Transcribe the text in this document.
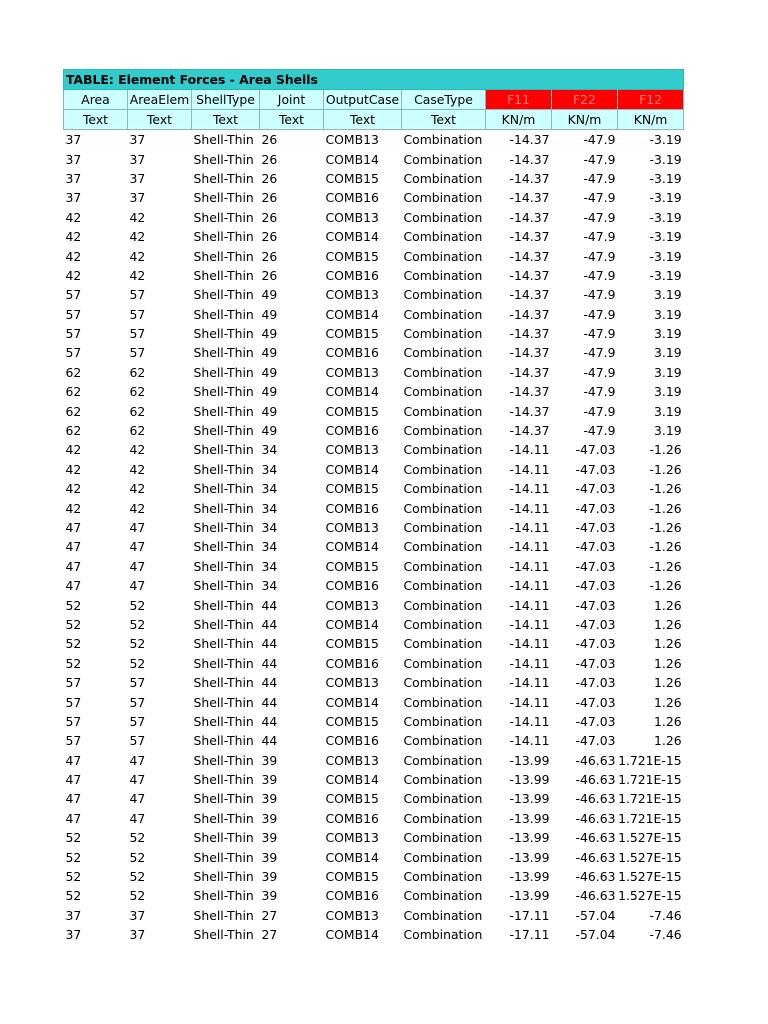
TABLE: Element Forces - Area Shells								
Area	AreaElem	ShellType	Joint	OutputCase	CaseType	F11	F22	F12
Text	Text	Text	Text	Text	Text	KN/m	KN/m	KN/m
37	37	Shell-Thin	26	COMB13	Combination	-14.37	-47.9	-3.19
37	37	Shell-Thin	26	COMB14	Combination	-14.37	-47.9	-3.19
37	37	Shell-Thin	26	COMB15	Combination	-14.37	-47.9	-3.19
37	37	Shell-Thin	26	COMB16	Combination	-14.37	-47.9	-3.19
42	42	Shell-Thin	26	COMB13	Combination	-14.37	-47.9	-3.19
42	42	Shell-Thin	26	COMB14	Combination	-14.37	-47.9	-3.19
42	42	Shell-Thin	26	COMB15	Combination	-14.37	-47.9	-3.19
42	42	Shell-Thin	26	COMB16	Combination	-14.37	-47.9	-3.19
57	57	Shell-Thin	49	COMB13	Combination	-14.37	-47.9	3.19
57	57	Shell-Thin	49	COMB14	Combination	-14.37	-47.9	3.19
57	57	Shell-Thin	49	COMB15	Combination	-14.37	-47.9	3.19
57	57	Shell-Thin	49	COMB16	Combination	-14.37	-47.9	3.19
62	62	Shell-Thin	49	COMB13	Combination	-14.37	-47.9	3.19
62	62	Shell-Thin	49	COMB14	Combination	-14.37	-47.9	3.19
62	62	Shell-Thin	49	COMB15	Combination	-14.37	-47.9	3.19
62	62	Shell-Thin	49	COMB16	Combination	-14.37	-47.9	3.19
42	42	Shell-Thin	34	COMB13	Combination	-14.11	-47.03	-1.26
42	42	Shell-Thin	34	COMB14	Combination	-14.11	-47.03	-1.26
42	42	Shell-Thin	34	COMB15	Combination	-14.11	-47.03	-1.26
42	42	Shell-Thin	34	COMB16	Combination	-14.11	-47.03	-1.26
47	47	Shell-Thin	34	COMB13	Combination	-14.11	-47.03	-1.26
47	47	Shell-Thin	34	COMB14	Combination	-14.11	-47.03	-1.26
47	47	Shell-Thin	34	COMB15	Combination	-14.11	-47.03	-1.26
47	47	Shell-Thin	34	COMB16	Combination	-14.11	-47.03	-1.26
52	52	Shell-Thin	44	COMB13	Combination	-14.11	-47.03	1.26
52	52	Shell-Thin	44	COMB14	Combination	-14.11	-47.03	1.26
52	52	Shell-Thin	44	COMB15	Combination	-14.11	-47.03	1.26
52	52	Shell-Thin	44	COMB16	Combination	-14.11	-47.03	1.26
57	57	Shell-Thin	44	COMB13	Combination	-14.11	-47.03	1.26
57	57	Shell-Thin	44	COMB14	Combination	-14.11	-47.03	1.26
57	57	Shell-Thin	44	COMB15	Combination	-14.11	-47.03	1.26
57	57	Shell-Thin	44	COMB16	Combination	-14.11	-47.03	1.26
47	47	Shell-Thin	39	COMB13	Combination	-13.99	-46.63	1.721E-15
47	47	Shell-Thin	39	COMB14	Combination	-13.99	-46.63	1.721E-15
47	47	Shell-Thin	39	COMB15	Combination	-13.99	-46.63	1.721E-15
47	47	Shell-Thin	39	COMB16	Combination	-13.99	-46.63	1.721E-15
52	52	Shell-Thin	39	COMB13	Combination	-13.99	-46.63	1.527E-15
52	52	Shell-Thin	39	COMB14	Combination	-13.99	-46.63	1.527E-15
52	52	Shell-Thin	39	COMB15	Combination	-13.99	-46.63	1.527E-15
52	52	Shell-Thin	39	COMB16	Combination	-13.99	-46.63	1.527E-15
37	37	Shell-Thin	27	COMB13	Combination	-17.11	-57.04	-7.46
37	37	Shell-Thin	27	COMB14	Combination	-17.11	-57.04	-7.46
